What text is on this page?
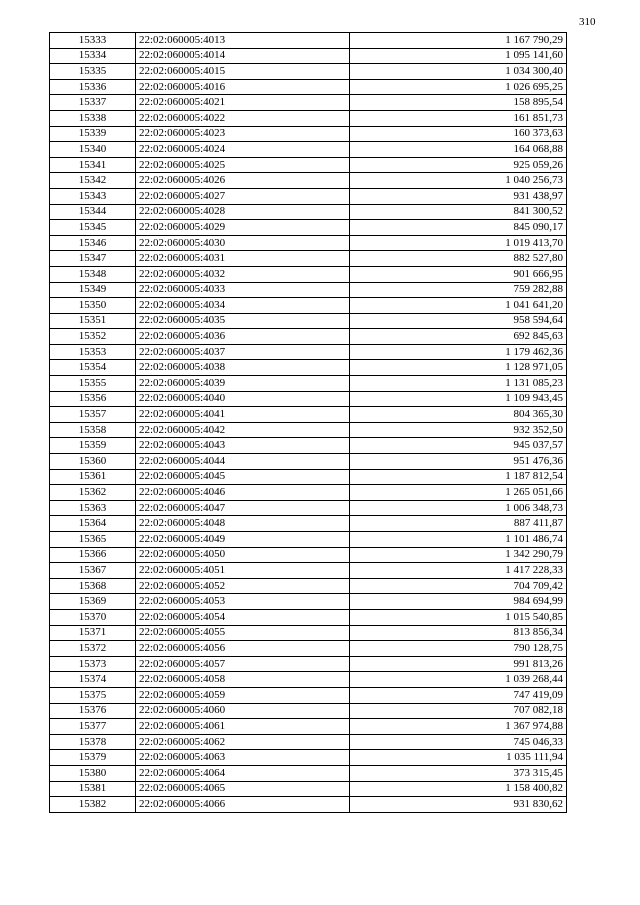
310
15333	22:02:060005:4013	1 167 790,29
15334	22:02:060005:4014	1 095 141,60
15335	22:02:060005:4015	1 034 300,40
15336	22:02:060005:4016	1 026 695,25
15337	22:02:060005:4021	158 895,54
15338	22:02:060005:4022	161 851,73
15339	22:02:060005:4023	160 373,63
15340	22:02:060005:4024	164 068,88
15341	22:02:060005:4025	925 059,26
15342	22:02:060005:4026	1 040 256,73
15343	22:02:060005:4027	931 438,97
15344	22:02:060005:4028	841 300,52
15345	22:02:060005:4029	845 090,17
15346	22:02:060005:4030	1 019 413,70
15347	22:02:060005:4031	882 527,80
15348	22:02:060005:4032	901 666,95
15349	22:02:060005:4033	759 282,88
15350	22:02:060005:4034	1 041 641,20
15351	22:02:060005:4035	958 594,64
15352	22:02:060005:4036	692 845,63
15353	22:02:060005:4037	1 179 462,36
15354	22:02:060005:4038	1 128 971,05
15355	22:02:060005:4039	1 131 085,23
15356	22:02:060005:4040	1 109 943,45
15357	22:02:060005:4041	804 365,30
15358	22:02:060005:4042	932 352,50
15359	22:02:060005:4043	945 037,57
15360	22:02:060005:4044	951 476,36
15361	22:02:060005:4045	1 187 812,54
15362	22:02:060005:4046	1 265 051,66
15363	22:02:060005:4047	1 006 348,73
15364	22:02:060005:4048	887 411,87
15365	22:02:060005:4049	1 101 486,74
15366	22:02:060005:4050	1 342 290,79
15367	22:02:060005:4051	1 417 228,33
15368	22:02:060005:4052	704 709,42
15369	22:02:060005:4053	984 694,99
15370	22:02:060005:4054	1 015 540,85
15371	22:02:060005:4055	813 856,34
15372	22:02:060005:4056	790 128,75
15373	22:02:060005:4057	991 813,26
15374	22:02:060005:4058	1 039 268,44
15375	22:02:060005:4059	747 419,09
15376	22:02:060005:4060	707 082,18
15377	22:02:060005:4061	1 367 974,88
15378	22:02:060005:4062	745 046,33
15379	22:02:060005:4063	1 035 111,94
15380	22:02:060005:4064	373 315,45
15381	22:02:060005:4065	1 158 400,82
15382	22:02:060005:4066	931 830,62
